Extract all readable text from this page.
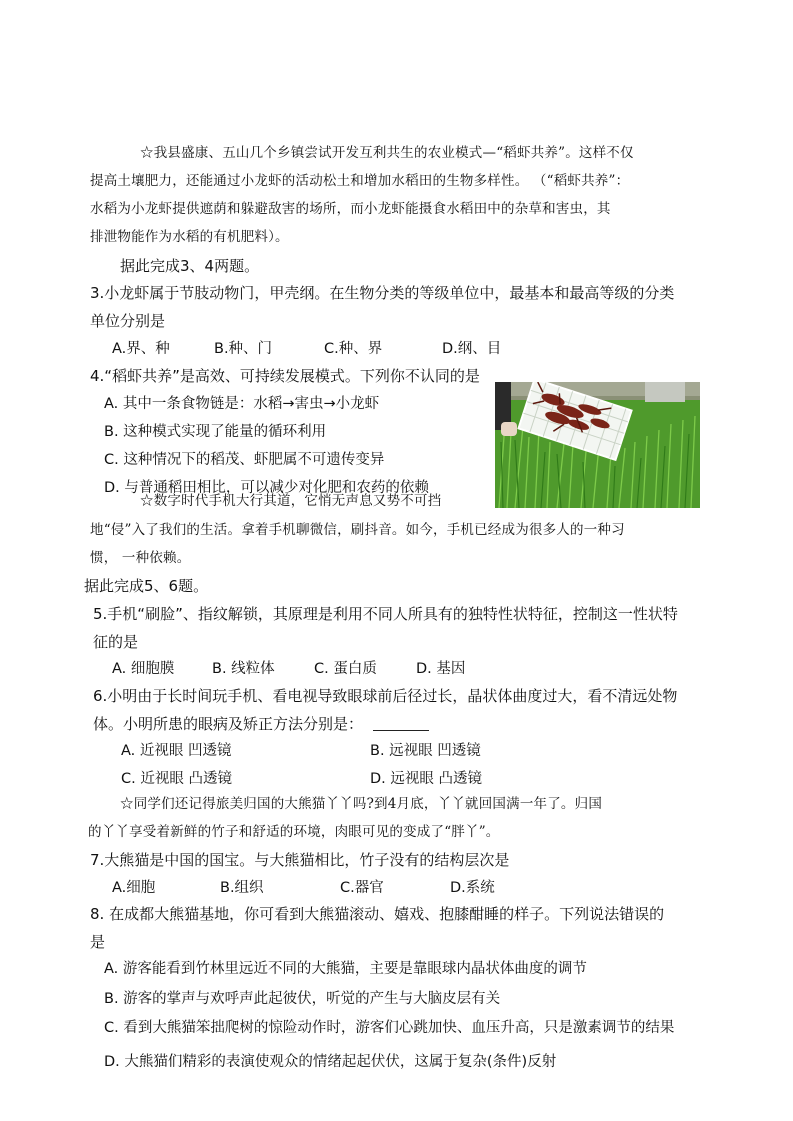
☆我县盛康、五山几个乡镇尝试开发互利共生的农业模式—“稻虾共养”。这样不仅
提高土壤肥力，还能通过小龙虾的活动松土和增加水稻田的生物多样性。 （“稻虾共养”：
水稻为小龙虾提供遮荫和躲避敌害的场所，而小龙虾能摄食水稻田中的杂草和害虫，其
排泄物能作为水稻的有机肥料）。
据此完成3、4两题。
3.小龙虾属于节肢动物门，甲壳纲。在生物分类的等级单位中，最基本和最高等级的分类
单位分别是
A.界、种	B.种、门	C.种、界	D.纲、目
4.“稻虾共养”是高效、可持续发展模式。下列你不认同的是
A. 其中一条食物链是：水稻→害虫→小龙虾
B. 这种模式实现了能量的循环利用
C. 这种情况下的稻茂、虾肥属不可遗传变异
D. 与普通稻田相比，可以减少对化肥和农药的依赖
☆数字时代手机大行其道，它悄无声息又势不可挡
地“侵”入了我们的生活。拿着手机聊微信，刷抖音。如今，手机已经成为很多人的一种习
惯， 一种依赖。
据此完成5、6题。
5.手机“刷脸”、指纹解锁，其原理是利用不同人所具有的独特性状特征，控制这一性状特
征的是
A. 细胞膜	B. 线粒体	C. 蛋白质	D. 基因
6.小明由于长时间玩手机、看电视导致眼球前后径过长，晶状体曲度过大，看不清远处物
体。小明所患的眼病及矫正方法分别是：
A. 近视眼 凹透镜	B. 远视眼 凹透镜
C. 近视眼 凸透镜	D. 远视眼 凸透镜
☆同学们还记得旅美归国的大熊猫丫丫吗?到4月底，丫丫就回国满一年了。归国
的丫丫享受着新鲜的竹子和舒适的环境，肉眼可见的变成了“胖丫”。
7.大熊猫是中国的国宝。与大熊猫相比，竹子没有的结构层次是
A.细胞	B.组织	C.器官	D.系统
8. 在成都大熊猫基地，你可看到大熊猫滚动、嬉戏、抱膝酣睡的样子。下列说法错误的
是
A. 游客能看到竹林里远近不同的大熊猫，主要是靠眼球内晶状体曲度的调节
B. 游客的掌声与欢呼声此起彼伏，听觉的产生与大脑皮层有关
C. 看到大熊猫笨拙爬树的惊险动作时，游客们心跳加快、血压升高，只是激素调节的结果
D. 大熊猫们精彩的表演使观众的情绪起起伏伏，这属于复杂(条件)反射
